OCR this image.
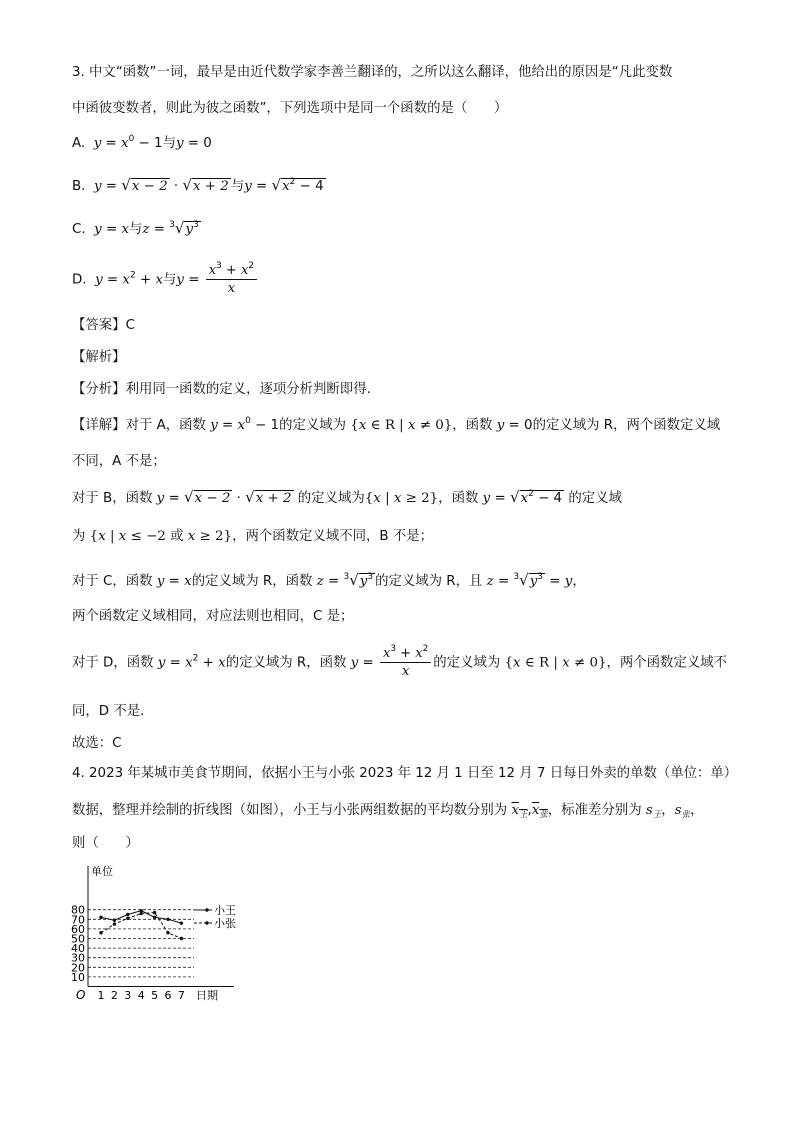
3. 中文“函数”一词，最早是由近代数学家李善兰翻译的，之所以这么翻译，他给出的原因是“凡此变数
中函彼变数者，则此为彼之函数”，下列选项中是同一个函数的是（　　）
A. $y = x^0 - 1$与y = 0
B. y = √x − 2 · √x + 2 与$y = √x^2 - 4$
C. y = x与$z = ^3√y^3$
D. $y = x^2 + x$与$y = \frac{x^3 + x^2}{x}$
【答案】C
【解析】
【分析】利用同一函数的定义，逐项分析判断即得.
【详解】对于 A，函数 $y = x^0 - 1$的定义域为 {x ∈ R | x ≠ 0}，函数 y = 0的定义域为 R，两个函数定义域
不同，A 不是；
对于 B，函数 y = √x − 2 · √x + 2 的定义域为{x | x ≥ 2}，函数 $y = √x^2 - 4$ 的定义域
为 {x | x ≤ −2 或 x ≥ 2}，两个函数定义域不同，B 不是；
对于 C，函数 y = x的定义域为 R，函数 $z = ^3√y^3$ 的定义域为 R，且 $z = ^3√y^3 = y$，
两个函数定义域相同，对应法则也相同，C 是；
对于 D，函数 $y = x^2 + x$的定义域为 R，函数 $y = \frac{x^3 + x^2}{x}$ 的定义域为 {x ∈ R | x ≠ 0}，两个函数定义域不
同，D 不是.
故选：C
4. 2023 年某城市美食节期间，依据小王与小张 2023 年 12 月 1 日至 12 月 7 日每日外卖的单数（单位：单）
数据，整理并绘制的折线图（如图），小王与小张两组数据的平均数分别为 $x_王,x_张$，标准差分别为 $s_王$，$s_张$，
则（　　）
10
20
30
40
50
60
70
80
1 2 3 4 5 6 7
小王
小张
单位
日期
O
